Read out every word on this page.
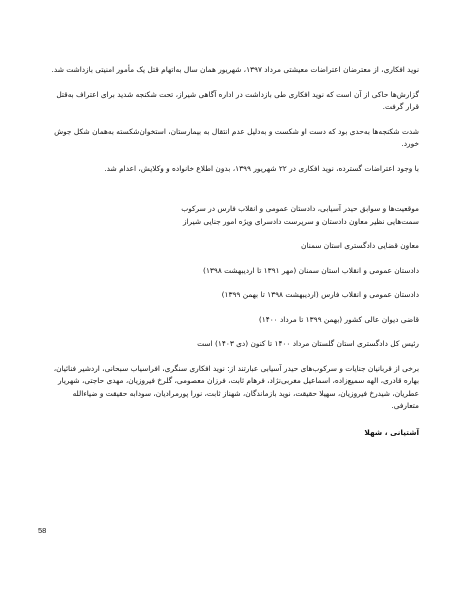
نوید افکاری، از معترضان اعتراضات معیشتی مرداد ۱۳۹۷، شهریور همان سال به‌اتهام قتل یک مأمور امنیتی بازداشت شد.

گزارش‌ها حاکی از آن است که نوید افکاری طی بازداشت در اداره آگاهی شیراز، تحت شکنجه شدید برای اعتراف به‌قتل قرار گرفت.

شدت شکنجه‌ها به‌حدی بود که دست او شکست و به‌دلیل عدم انتقال به بیمارستان، استخوان‌شکسته به‌همان شکل جوش خورد.

با وجود اعتراضات گسترده، نوید افکاری در ۲۲ شهریور ۱۳۹۹، بدون اطلاع خانواده و وکلایش، اعدام شد.

موقعیت‌ها و سوابق حیدر آسیابی، دادستان عمومی و انقلاب فارس در سرکوب

سمت‌هایی نظیر معاون دادستان و سرپرست دادسرای ویژه امور جنایی شیراز

معاون قضایی دادگستری استان سمنان

دادستان عمومی و انقلاب استان سمنان (مهر ۱۳۹۱ تا اردیبهشت ۱۳۹۸)

دادستان عمومی و انقلاب فارس (اردیبهشت ۱۳۹۸ تا بهمن ۱۳۹۹)

قاضی دیوان عالی کشور (بهمن ۱۳۹۹ تا مرداد ۱۴۰۰)

رئیس کل دادگستری استان گلستان مرداد ۱۴۰۰ تا کنون (دی ۱۴۰۳) است

برخی از قربانیان جنایات و سرکوب‌های حیدر آسیابی عبارتند از: نوید افکاری سنگری، افراسیاب سبحانی، اردشیر فنائیان، بهاره قادری، الهه سمیع‌زاده، اسماعیل مغربی‌نژاد، فرهام ثابت، فرزان معصومی، گلرخ فیروزیان، مهدی حاجتی، شهریار عطریان، شیدرخ فیروزیان، سهیلا حقیقت، نوید بازماندگان، شهناز ثابت، نورا پورمرادیان، سودابه حقیقت و ضیاءالله متعارفی.

آشتیانی ، شهلا

58
